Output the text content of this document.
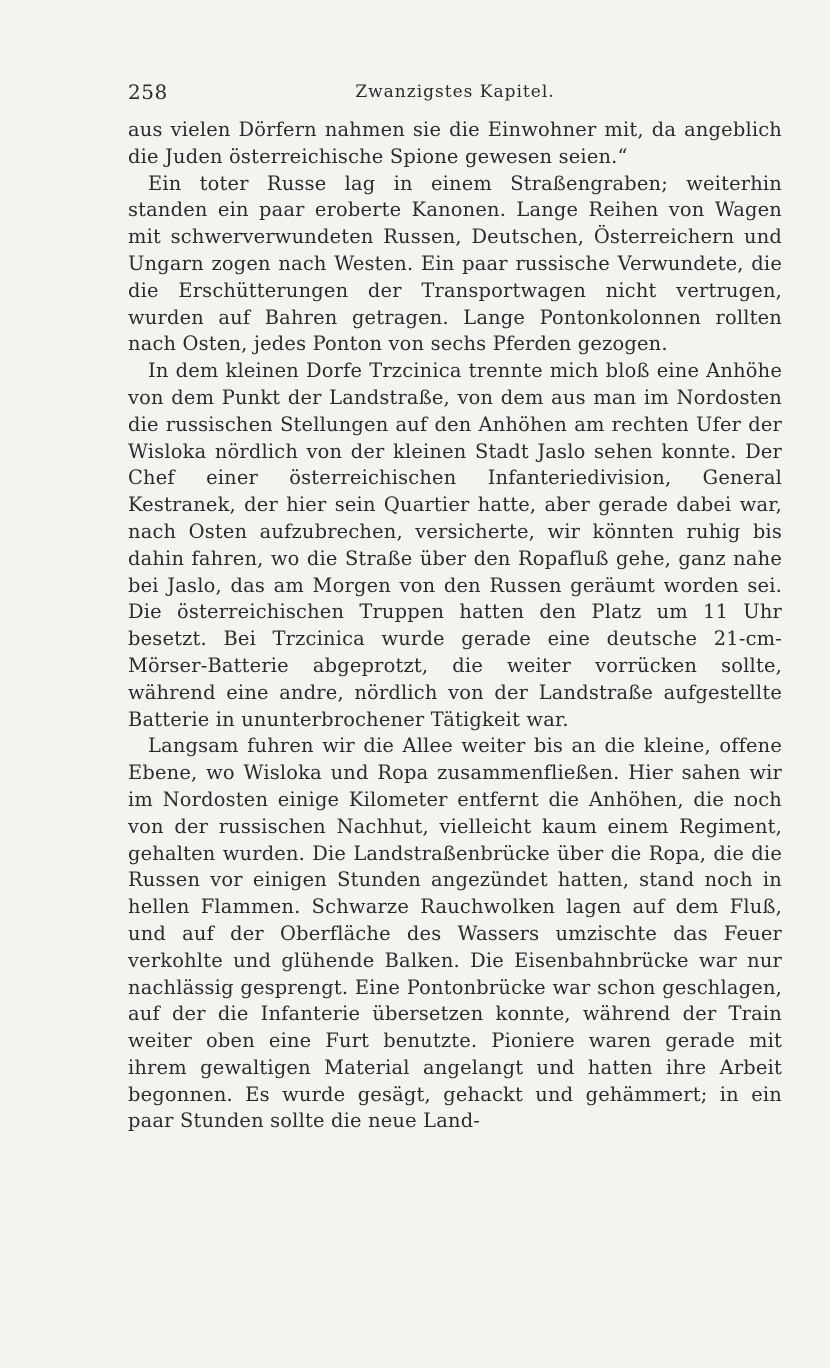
258	Zwanzigstes Kapitel.

aus vielen Dörfern nahmen sie die Einwohner mit, da angeblich die Juden österreichische Spione gewesen seien.“

Ein toter Russe lag in einem Straßengraben; weiterhin standen ein paar eroberte Kanonen. Lange Reihen von Wagen mit schwerverwundeten Russen, Deutschen, Österreichern und Ungarn zogen nach Westen. Ein paar russische Verwundete, die die Erschütterungen der Transportwagen nicht vertrugen, wurden auf Bahren getragen. Lange Pontonkolonnen rollten nach Osten, jedes Ponton von sechs Pferden gezogen.

In dem kleinen Dorfe Trzcinica trennte mich bloß eine Anhöhe von dem Punkt der Landstraße, von dem aus man im Nordosten die russischen Stellungen auf den Anhöhen am rechten Ufer der Wisloka nördlich von der kleinen Stadt Jaslo sehen konnte. Der Chef einer österreichischen Infanteriedivision, General Kestranek, der hier sein Quartier hatte, aber gerade dabei war, nach Osten aufzubrechen, versicherte, wir könnten ruhig bis dahin fahren, wo die Straße über den Ropafluß gehe, ganz nahe bei Jaslo, das am Morgen von den Russen geräumt worden sei. Die österreichischen Truppen hatten den Platz um 11 Uhr besetzt. Bei Trzcinica wurde gerade eine deutsche 21-cm-Mörser-Batterie abgeprotzt, die weiter vorrücken sollte, während eine andre, nördlich von der Landstraße aufgestellte Batterie in ununterbrochener Tätigkeit war.

Langsam fuhren wir die Allee weiter bis an die kleine, offene Ebene, wo Wisloka und Ropa zusammenfließen. Hier sahen wir im Nordosten einige Kilometer entfernt die Anhöhen, die noch von der russischen Nachhut, vielleicht kaum einem Regiment, gehalten wurden. Die Landstraßenbrücke über die Ropa, die die Russen vor einigen Stunden angezündet hatten, stand noch in hellen Flammen. Schwarze Rauchwolken lagen auf dem Fluß, und auf der Oberfläche des Wassers umzischte das Feuer verkohlte und glühende Balken. Die Eisenbahnbrücke war nur nachlässig gesprengt. Eine Pontonbrücke war schon geschlagen, auf der die Infanterie übersetzen konnte, während der Train weiter oben eine Furt benutzte. Pioniere waren gerade mit ihrem gewaltigen Material angelangt und hatten ihre Arbeit begonnen. Es wurde gesägt, gehackt und gehämmert; in ein paar Stunden sollte die neue Land-
